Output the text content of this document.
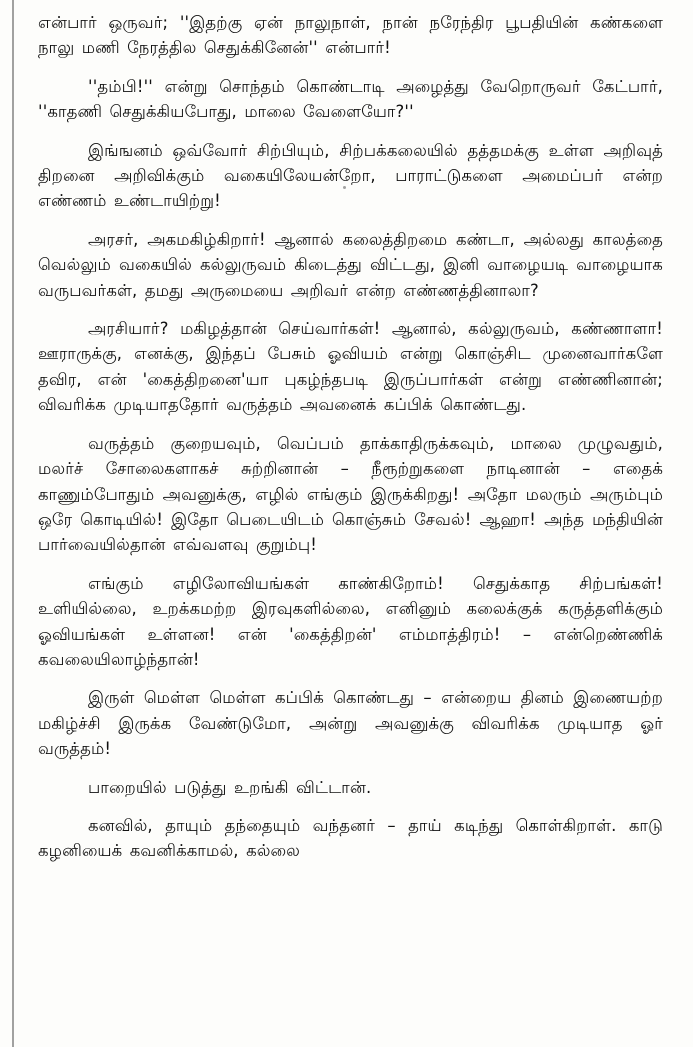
என்பார் ஒருவர்; ''இதற்கு ஏன் நாலுநாள், நான் நரேந்திர பூபதியின் கண்களை நாலு மணி நேரத்தில செதுக்கினேன்'' என்பார்!

''தம்பி!'' என்று சொந்தம் கொண்டாடி அழைத்து வேறொருவர் கேட்பார், ''காதணி செதுக்கியபோது, மாலை வேளையோ?''

இங்ஙனம் ஒவ்வோர் சிற்பியும், சிற்பக்கலையில் தத்தமக்கு உள்ள அறிவுத் திறனை அறிவிக்கும் வகையிலேயன்றோ, பாராட்டுகளை அமைப்பர் என்ற எண்ணம் உண்டாயிற்று!

அரசர், அகமகிழ்கிறார்! ஆனால் கலைத்திறமை கண்டா, அல்லது காலத்தை வெல்லும் வகையில் கல்லுருவம் கிடைத்து விட்டது, இனி வாழையடி வாழையாக வருபவர்கள், தமது அருமையை அறிவர் என்ற எண்ணத்தினாலா?

அரசியார்? மகிழத்தான் செய்வார்கள்! ஆனால், கல்லுருவம், கண்ணாளா! ஊராருக்கு, எனக்கு, இந்தப் பேசும் ஓவியம் என்று கொஞ்சிட முனைவார்களே தவிர, என் 'கைத்திறனை'யா புகழ்ந்தபடி இருப்பார்கள் என்று எண்ணினான்; விவரிக்க முடியாததோர் வருத்தம் அவனைக் கப்பிக் கொண்டது.

வருத்தம் குறையவும், வெப்பம் தாக்காதிருக்கவும், மாலை முழுவதும், மலர்ச் சோலைகளாகச் சுற்றினான் – நீரூற்றுகளை நாடினான் – எதைக் காணும்போதும் அவனுக்கு, எழில் எங்கும் இருக்கிறது! அதோ மலரும் அரும்பும் ஒரே கொடியில்! இதோ பெடையிடம் கொஞ்சும் சேவல்! ஆஹா! அந்த மந்தியின் பார்வையில்தான் எவ்வளவு குறும்பு!

எங்கும் எழிலோவியங்கள் காண்கிறோம்! செதுக்காத சிற்பங்கள்! உளியில்லை, உறக்கமற்ற இரவுகளில்லை, எனினும் கலைக்குக் கருத்தளிக்கும் ஓவியங்கள் உள்ளன! என் 'கைத்திறன்' எம்மாத்திரம்! – என்றெண்ணிக் கவலையிலாழ்ந்தான்!

இருள் மெள்ள மெள்ள கப்பிக் கொண்டது – என்றைய தினம் இணையற்ற மகிழ்ச்சி இருக்க வேண்டுமோ, அன்று அவனுக்கு விவரிக்க முடியாத ஓர் வருத்தம்!

பாறையில் படுத்து உறங்கி விட்டான்.

கனவில், தாயும் தந்தையும் வந்தனர் – தாய் கடிந்து கொள்கிறாள். காடு கழனியைக் கவனிக்காமல், கல்லை
